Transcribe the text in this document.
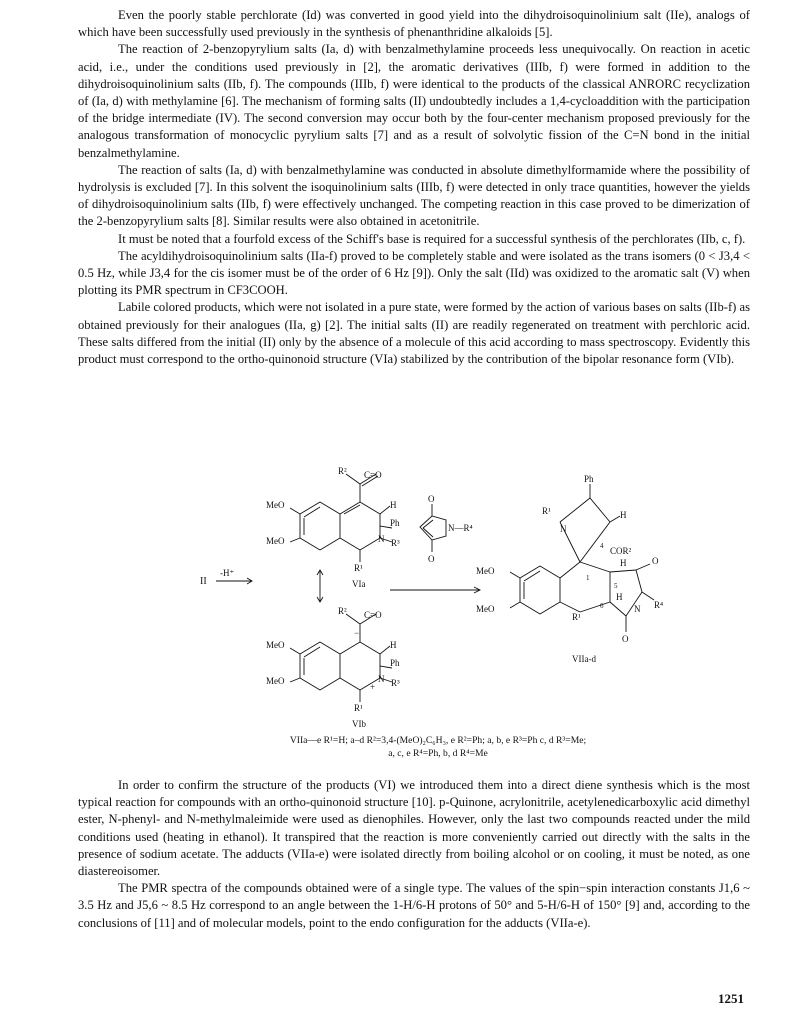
Even the poorly stable perchlorate (Id) was converted in good yield into the dihydroisoquinolinium salt (IIe), analogs of which have been successfully used previously in the synthesis of phenanthridine alkaloids [5].

The reaction of 2-benzopyrylium salts (Ia, d) with benzalmethylamine proceeds less unequivocally. On reaction in acetic acid, i.e., under the conditions used previously in [2], the aromatic derivatives (IIIb, f) were formed in addition to the dihydroisoquinolinium salts (IIb, f). The compounds (IIIb, f) were identical to the products of the classical ANRORC recyclization of (Ia, d) with methylamine [6]. The mechanism of forming salts (II) undoubtedly includes a 1,4-cycloaddition with the participation of the bridge intermediate (IV). The second conversion may occur both by the four-center mechanism proposed previously for the analogous transformation of monocyclic pyrylium salts [7] and as a result of solvolytic fission of the C=N bond in the initial benzalmethylamine.

The reaction of salts (Ia, d) with benzalmethylamine was conducted in absolute dimethylformamide where the possibility of hydrolysis is excluded [7]. In this solvent the isoquinolinium salts (IIIb, f) were detected in only trace quantities, however the yields of dihydroisoquinolinium salts (IIb, f) were effectively unchanged. The competing reaction in this case proved to be dimerization of the 2-benzopyrylium salts [8]. Similar results were also obtained in acetonitrile.

It must be noted that a fourfold excess of the Schiff's base is required for a successful synthesis of the perchlorates (IIb, c, f).

The acyldihydroisoquinolinium salts (IIa-f) proved to be completely stable and were isolated as the trans isomers (0 < J3,4 < 0.5 Hz, while J3,4 for the cis isomer must be of the order of 6 Hz [9]). Only the salt (IId) was oxidized to the aromatic salt (V) when plotting its PMR spectrum in CF3COOH.

Labile colored products, which were not isolated in a pure state, were formed by the action of various bases on salts (IIb-f) as obtained previously for their analogues (IIa, g) [2]. The initial salts (II) are readily regenerated on treatment with perchloric acid. These salts differed from the initial (II) only by the absence of a molecule of this acid according to mass spectroscopy. Evidently this product must correspond to the ortho-quinonoid structure (VIa) stabilized by the contribution of the bipolar resonance form (VIb).

R² C=O
MeO
MeO
H
Ph
N R³
R¹
VIa
O
N—R⁴
O
II
-H⁺
R² C=O
−
MeO
MeO
H
Ph
N
+ R³
R¹
VIb
Ph
R¹	H
N
4 COR²
H	O
MeO
1
5
H
6
MeO
R¹
N R⁴
O
VIIa-d
VIIa—e R¹=H; a–d R²=3,4-(MeO)₂C₆H₃, e R²=Ph; a, b, e R³=Ph c, d R³=Me;
a, c, e R⁴=Ph, b, d R⁴=Me

In order to confirm the structure of the products (VI) we introduced them into a direct diene synthesis which is the most typical reaction for compounds with an ortho-quinonoid structure [10]. p-Quinone, acrylonitrile, acetylenedicarboxylic acid dimethyl ester, N-phenyl- and N-methylmaleimide were used as dienophiles. However, only the last two compounds reacted under the mild conditions used (heating in ethanol). It transpired that the reaction is more conveniently carried out directly with the salts in the presence of sodium acetate. The adducts (VIIa-e) were isolated directly from boiling alcohol or on cooling, it must be noted, as one diastereoisomer.

The PMR spectra of the compounds obtained were of a single type. The values of the spin−spin interaction constants J1,6 ~ 3.5 Hz and J5,6 ~ 8.5 Hz correspond to an angle between the 1-H/6-H protons of 50° and 5-H/6-H of 150° [9] and, according to the conclusions of [11] and of molecular models, point to the endo configuration for the adducts (VIIa-e).

1251
